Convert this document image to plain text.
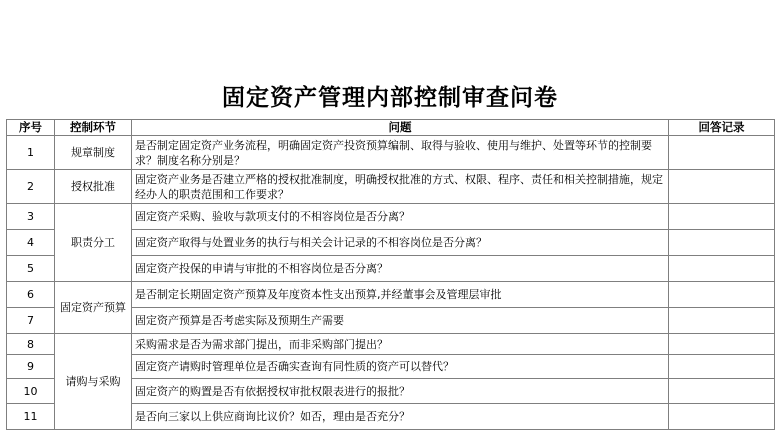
固定资产管理内部控制审查问卷
序号	控制环节	问题	回答记录
1	规章制度	是否制定固定资产业务流程，明确固定资产投资预算编制、取得与验收、使用与维护、处置等环节的控制要求？制度名称分别是？	
2	授权批准	固定资产业务是否建立严格的授权批准制度，明确授权批准的方式、权限、程序、责任和相关控制措施，规定经办人的职责范围和工作要求？	
3	职责分工	固定资产采购、验收与款项支付的不相容岗位是否分离？	
4		固定资产取得与处置业务的执行与相关会计记录的不相容岗位是否分离？	
5		固定资产投保的申请与审批的不相容岗位是否分离？	
6	固定资产预算	是否制定长期固定资产预算及年度资本性支出预算,并经董事会及管理层审批	
7		固定资产预算是否考虑实际及预期生产需要	
8	请购与采购	采购需求是否为需求部门提出，而非采购部门提出？	
9		固定资产请购时管理单位是否确实查询有同性质的资产可以替代？	
10		固定资产的购置是否有依据授权审批权限表进行的报批？	
11		是否向三家以上供应商询比议价？如否，理由是否充分？	
